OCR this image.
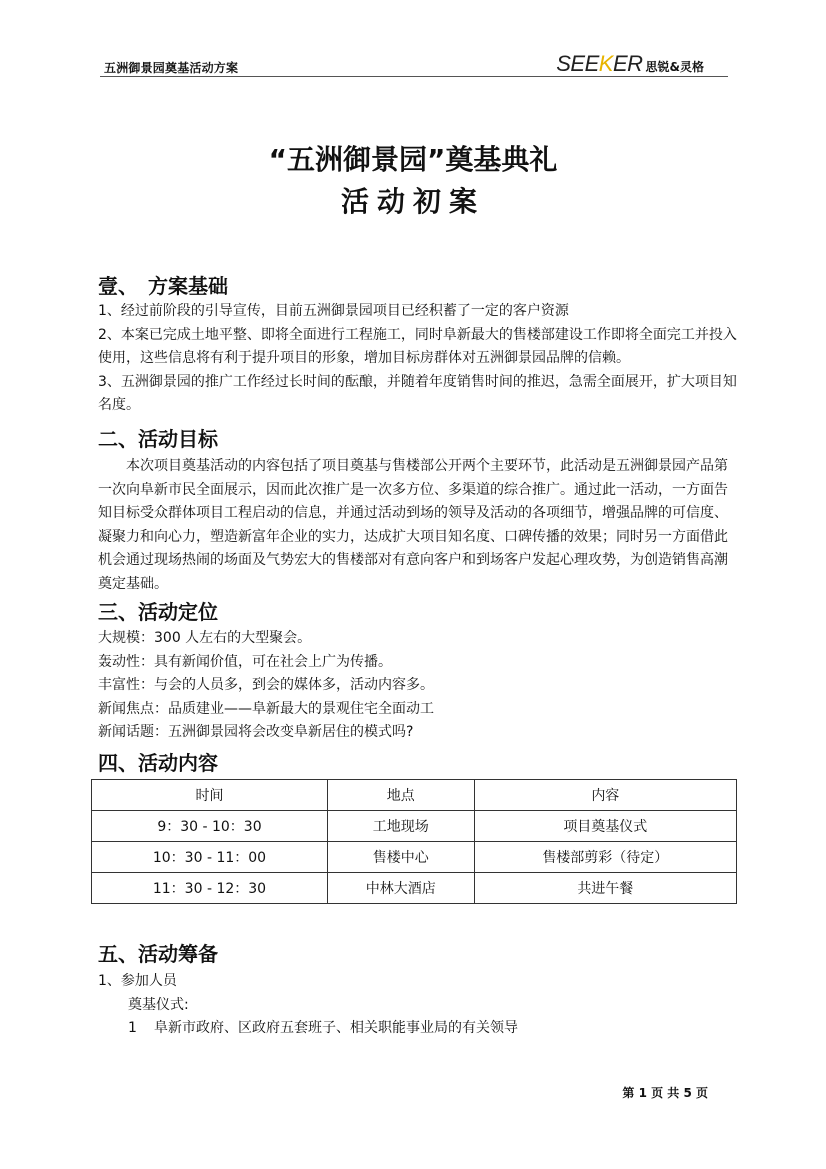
五洲御景园奠基活动方案	SEEKER 思锐&灵格
“五洲御景园”奠基典礼
活动初案
壹、　方案基础
1、经过前阶段的引导宣传，目前五洲御景园项目已经积蓄了一定的客户资源
2、本案已完成土地平整、即将全面进行工程施工，同时阜新最大的售楼部建设工作即将全面完工并投入使用，这些信息将有利于提升项目的形象，增加目标房群体对五洲御景园品牌的信赖。
3、五洲御景园的推广工作经过长时间的酝酿，并随着年度销售时间的推迟，急需全面展开，扩大项目知名度。
二、活动目标
本次项目奠基活动的内容包括了项目奠基与售楼部公开两个主要环节，此活动是五洲御景园产品第一次向阜新市民全面展示，因而此次推广是一次多方位、多渠道的综合推广。通过此一活动，一方面告知目标受众群体项目工程启动的信息，并通过活动到场的领导及活动的各项细节，增强品牌的可信度、凝聚力和向心力，塑造新富年企业的实力，达成扩大项目知名度、口碑传播的效果；同时另一方面借此机会通过现场热闹的场面及气势宏大的售楼部对有意向客户和到场客户发起心理攻势，为创造销售高潮奠定基础。
三、活动定位
大规模：300 人左右的大型聚会。
轰动性：具有新闻价值，可在社会上广为传播。
丰富性：与会的人员多，到会的媒体多，活动内容多。
新闻焦点：品质建业——阜新最大的景观住宅全面动工
新闻话题：五洲御景园将会改变阜新居住的模式吗?
四、活动内容
时间	地点	内容
9：30 - 10：30	工地现场	项目奠基仪式
10：30 - 11：00	售楼中心	售楼部剪彩（待定）
11：30 - 12：30	中林大酒店	共进午餐
五、活动筹备
1、参加人员
奠基仪式:
1 阜新市政府、区政府五套班子、相关职能事业局的有关领导
第 1 页 共 5 页
